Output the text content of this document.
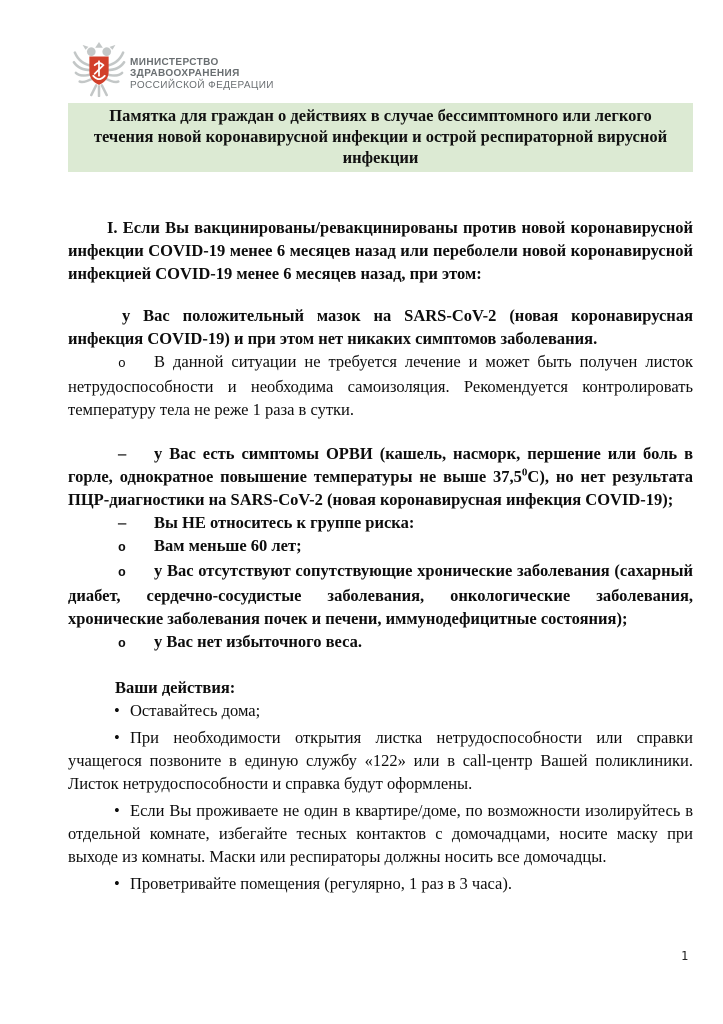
МИНИСТЕРСТВО
ЗДРАВООХРАНЕНИЯ
РОССИЙСКОЙ ФЕДЕРАЦИИ
Памятка для граждан о действиях в случае бессимптомного или легкого течения новой коронавирусной инфекции и острой респираторной вирусной инфекции

I. Если Вы вакцинированы/ревакцинированы против новой коронавирусной инфекции COVID-19 менее 6 месяцев назад или переболели новой коронавирусной инфекцией COVID-19 менее 6 месяцев назад, при этом:

у Вас положительный мазок на SARS-CoV-2 (новая коронавирусная инфекция COVID-19) и при этом нет никаких симптомов заболевания.

o В данной ситуации не требуется лечение и может быть получен листок нетрудоспособности и необходима самоизоляция. Рекомендуется контролировать температуру тела не реже 1 раза в сутки.

– у Вас есть симптомы ОРВИ (кашель, насморк, першение или боль в горле, однократное повышение температуры не выше 37,5$^0$С), но нет результата ПЦР-диагностики на SARS-CoV-2 (новая коронавирусная инфекция COVID-19);

– Вы НЕ относитесь к группе риска:

o Вам меньше 60 лет;

o у Вас отсутствуют сопутствующие хронические заболевания (сахарный диабет, сердечно-сосудистые заболевания, онкологические заболевания, хронические заболевания почек и печени, иммунодефицитные состояния);

o у Вас нет избыточного веса.

Ваши действия:

• Оставайтесь дома;

• При необходимости открытия листка нетрудоспособности или справки учащегося позвоните в единую службу «122» или в call-центр Вашей поликлиники. Листок нетрудоспособности и справка будут оформлены.

• Если Вы проживаете не один в квартире/доме, по возможности изолируйтесь в отдельной комнате, избегайте тесных контактов с домочадцами, носите маску при выходе из комнаты. Маски или респираторы должны носить все домочадцы.

• Проветривайте помещения (регулярно, 1 раз в 3 часа).

1
